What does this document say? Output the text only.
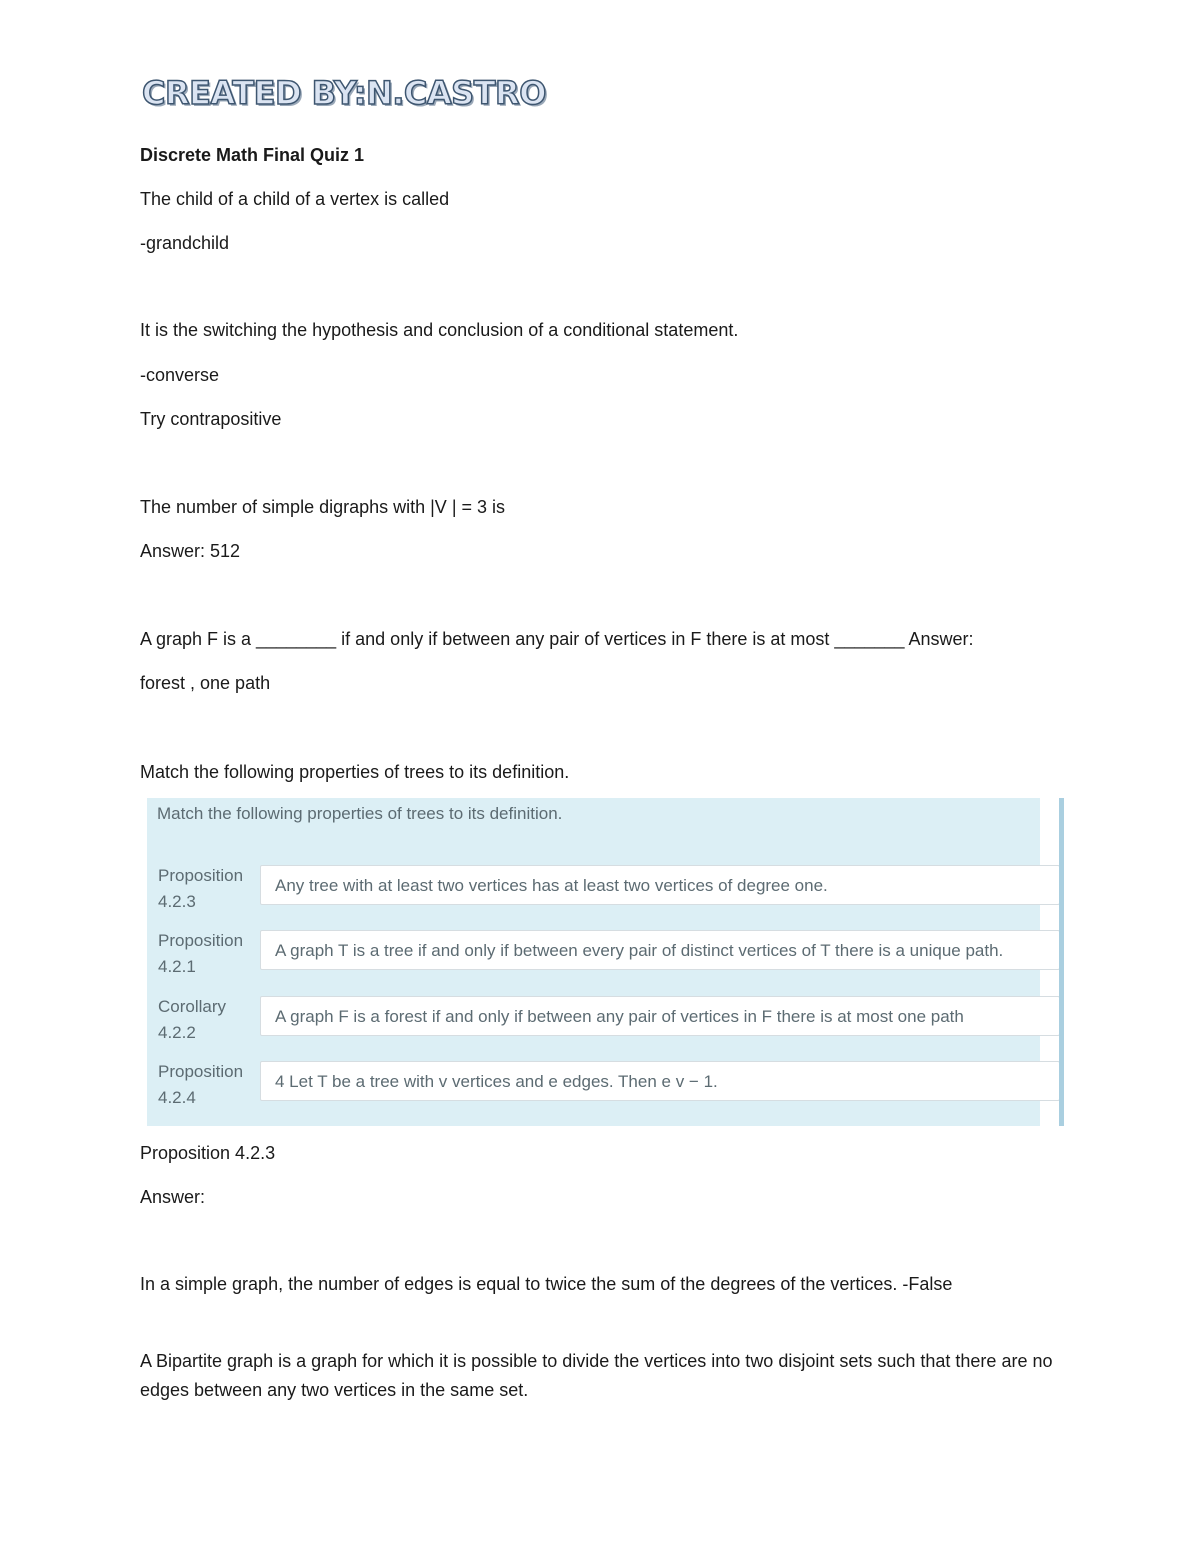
CREATED BY:N.CASTRO
Discrete Math Final Quiz 1
The child of a child of a vertex is called
-grandchild
It is the switching the hypothesis and conclusion of a conditional statement.
-converse
Try contrapositive
The number of simple digraphs with |V | = 3 is
Answer: 512
A graph F is a ________ if and only if between any pair of vertices in F there is at most _______ Answer:
forest , one path
Match the following properties of trees to its definition.
Match the following properties of trees to its definition.
Proposition
4.2.3
Any tree with at least two vertices has at least two vertices of degree one.
Proposition
4.2.1
A graph T is a tree if and only if between every pair of distinct vertices of T there is a unique path.
Corollary
4.2.2
A graph F is a forest if and only if between any pair of vertices in F there is at most one path
Proposition
4.2.4
4 Let T be a tree with v vertices and e edges. Then e v − 1.
Proposition 4.2.3
Answer:
In a simple graph, the number of edges is equal to twice the sum of the degrees of the vertices. -False
A Bipartite graph is a graph for which it is possible to divide the vertices into two disjoint sets such that there are no edges between any two vertices in the same set.
